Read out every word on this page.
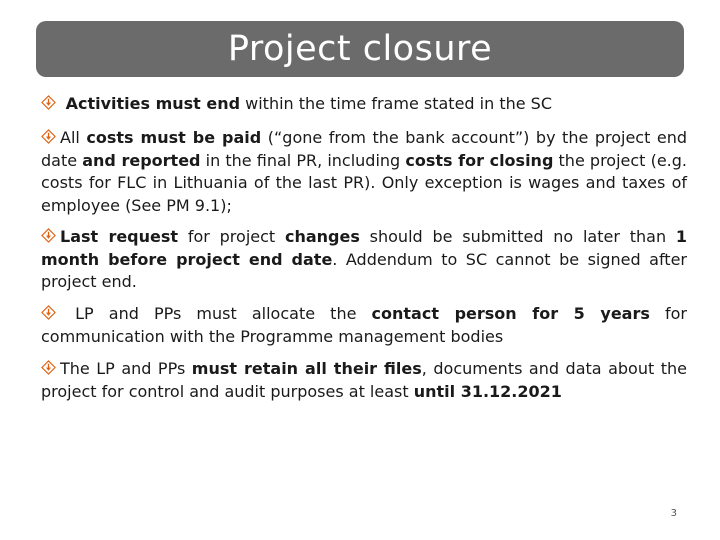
Project closure
Activities must end within the time frame stated in the SC
All costs must be paid (“gone from the bank account”) by the project end date and reported in the final PR, including costs for closing the project (e.g. costs for FLC in Lithuania of the last PR). Only exception is wages and taxes of employee (See PM 9.1);
Last request for project changes should be submitted no later than 1 month before project end date. Addendum to SC cannot be signed after project end.
LP and PPs must allocate the contact person for 5 years for communication with the Programme management bodies
The LP and PPs must retain all their files, documents and data about the project for control and audit purposes at least until 31.12.2021
3
